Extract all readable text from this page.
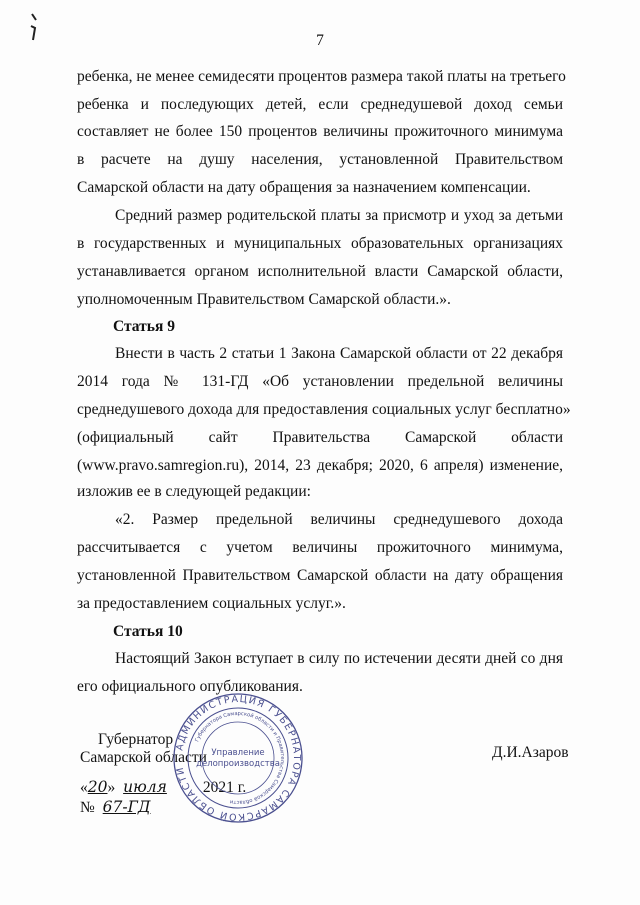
7
ребенка, не менее семидесяти процентов размера такой платы на третьего
ребенка и последующих детей, если среднедушевой доход семьи
составляет не более 150 процентов величины прожиточного минимума
в расчете на душу населения, установленной Правительством
Самарской области на дату обращения за назначением компенсации.
Средний размер родительской платы за присмотр и уход за детьми
в государственных и муниципальных образовательных организациях
устанавливается органом исполнительной власти Самарской области,
уполномоченным Правительством Самарской области.».
Статья 9
Внести в часть 2 статьи 1 Закона Самарской области от 22 декабря
2014 года № 131-ГД «Об установлении предельной величины
среднедушевого дохода для предоставления социальных услуг бесплатно»
(официальный сайт Правительства Самарской области
(www.pravo.samregion.ru), 2014, 23 декабря; 2020, 6 апреля) изменение,
изложив ее в следующей редакции:
«2. Размер предельной величины среднедушевого дохода
рассчитывается с учетом величины прожиточного минимума,
установленной Правительством Самарской области на дату обращения
за предоставлением социальных услуг.».
Статья 10
Настоящий Закон вступает в силу по истечении десяти дней со дня
его официального опубликования.
Губернатор
Самарской области
«20» июля 2021 г.
№ 67-ГД
Д.И.Азаров
АДМИНИСТРАЦИЯ ГУБЕРНАТОРА САМАРСКОЙ ОБЛАСТИ
Губернатора Самарской области и Правительства Самарской области
Управление
делопроизводства
